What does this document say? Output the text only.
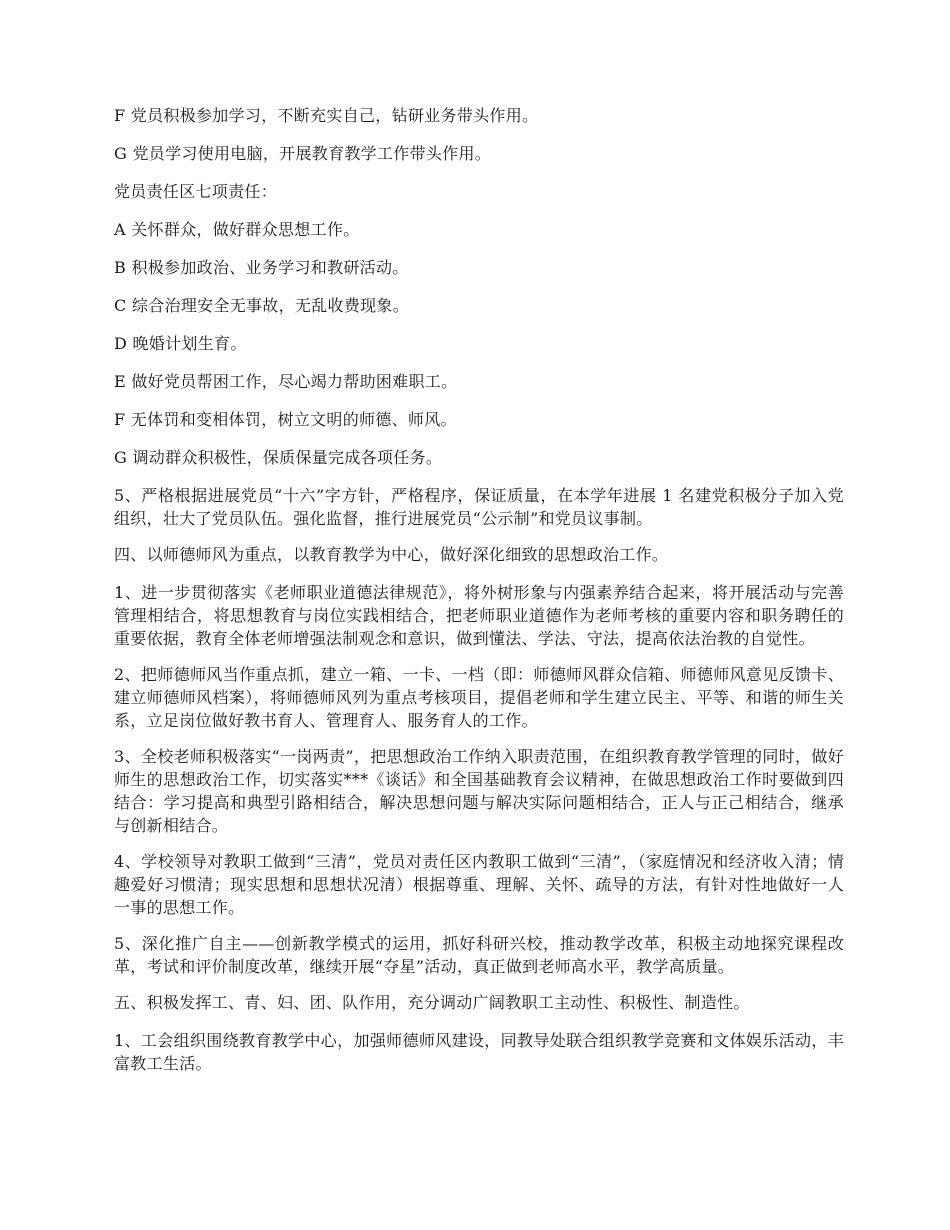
F 党员积极参加学习，不断充实自己，钻研业务带头作用。

G 党员学习使用电脑，开展教育教学工作带头作用。

党员责任区七项责任：

A 关怀群众，做好群众思想工作。

B 积极参加政治、业务学习和教研活动。

C 综合治理安全无事故，无乱收费现象。

D 晚婚计划生育。

E 做好党员帮困工作，尽心竭力帮助困难职工。

F 无体罚和变相体罚，树立文明的师德、师风。

G 调动群众积极性，保质保量完成各项任务。

5、严格根据进展党员“十六”字方针，严格程序，保证质量，在本学年进展 1 名建党积极分子加入党组织，壮大了党员队伍。强化监督，推行进展党员“公示制”和党员议事制。

四、以师德师风为重点，以教育教学为中心，做好深化细致的思想政治工作。

1、进一步贯彻落实《老师职业道德法律规范》，将外树形象与内强素养结合起来，将开展活动与完善管理相结合，将思想教育与岗位实践相结合，把老师职业道德作为老师考核的重要内容和职务聘任的重要依据，教育全体老师增强法制观念和意识，做到懂法、学法、守法，提高依法治教的自觉性。

2、把师德师风当作重点抓，建立一箱、一卡、一档（即：师德师风群众信箱、师德师风意见反馈卡、建立师德师风档案），将师德师风列为重点考核项目，提倡老师和学生建立民主、平等、和谐的师生关系，立足岗位做好教书育人、管理育人、服务育人的工作。

3、全校老师积极落实“一岗两责”，把思想政治工作纳入职责范围，在组织教育教学管理的同时，做好师生的思想政治工作，切实落实***《谈话》和全国基础教育会议精神，在做思想政治工作时要做到四结合：学习提高和典型引路相结合，解决思想问题与解决实际问题相结合，正人与正己相结合，继承与创新相结合。

4、学校领导对教职工做到“三清”，党员对责任区内教职工做到“三清”，（家庭情况和经济收入清；情趣爱好习惯清；现实思想和思想状况清）根据尊重、理解、关怀、疏导的方法，有针对性地做好一人一事的思想工作。

5、深化推广自主——创新教学模式的运用，抓好科研兴校，推动教学改革，积极主动地探究课程改革，考试和评价制度改革，继续开展“夺星”活动，真正做到老师高水平，教学高质量。

五、积极发挥工、青、妇、团、队作用，充分调动广阔教职工主动性、积极性、制造性。

1、工会组织围绕教育教学中心，加强师德师风建设，同教导处联合组织教学竞赛和文体娱乐活动，丰富教工生活。
